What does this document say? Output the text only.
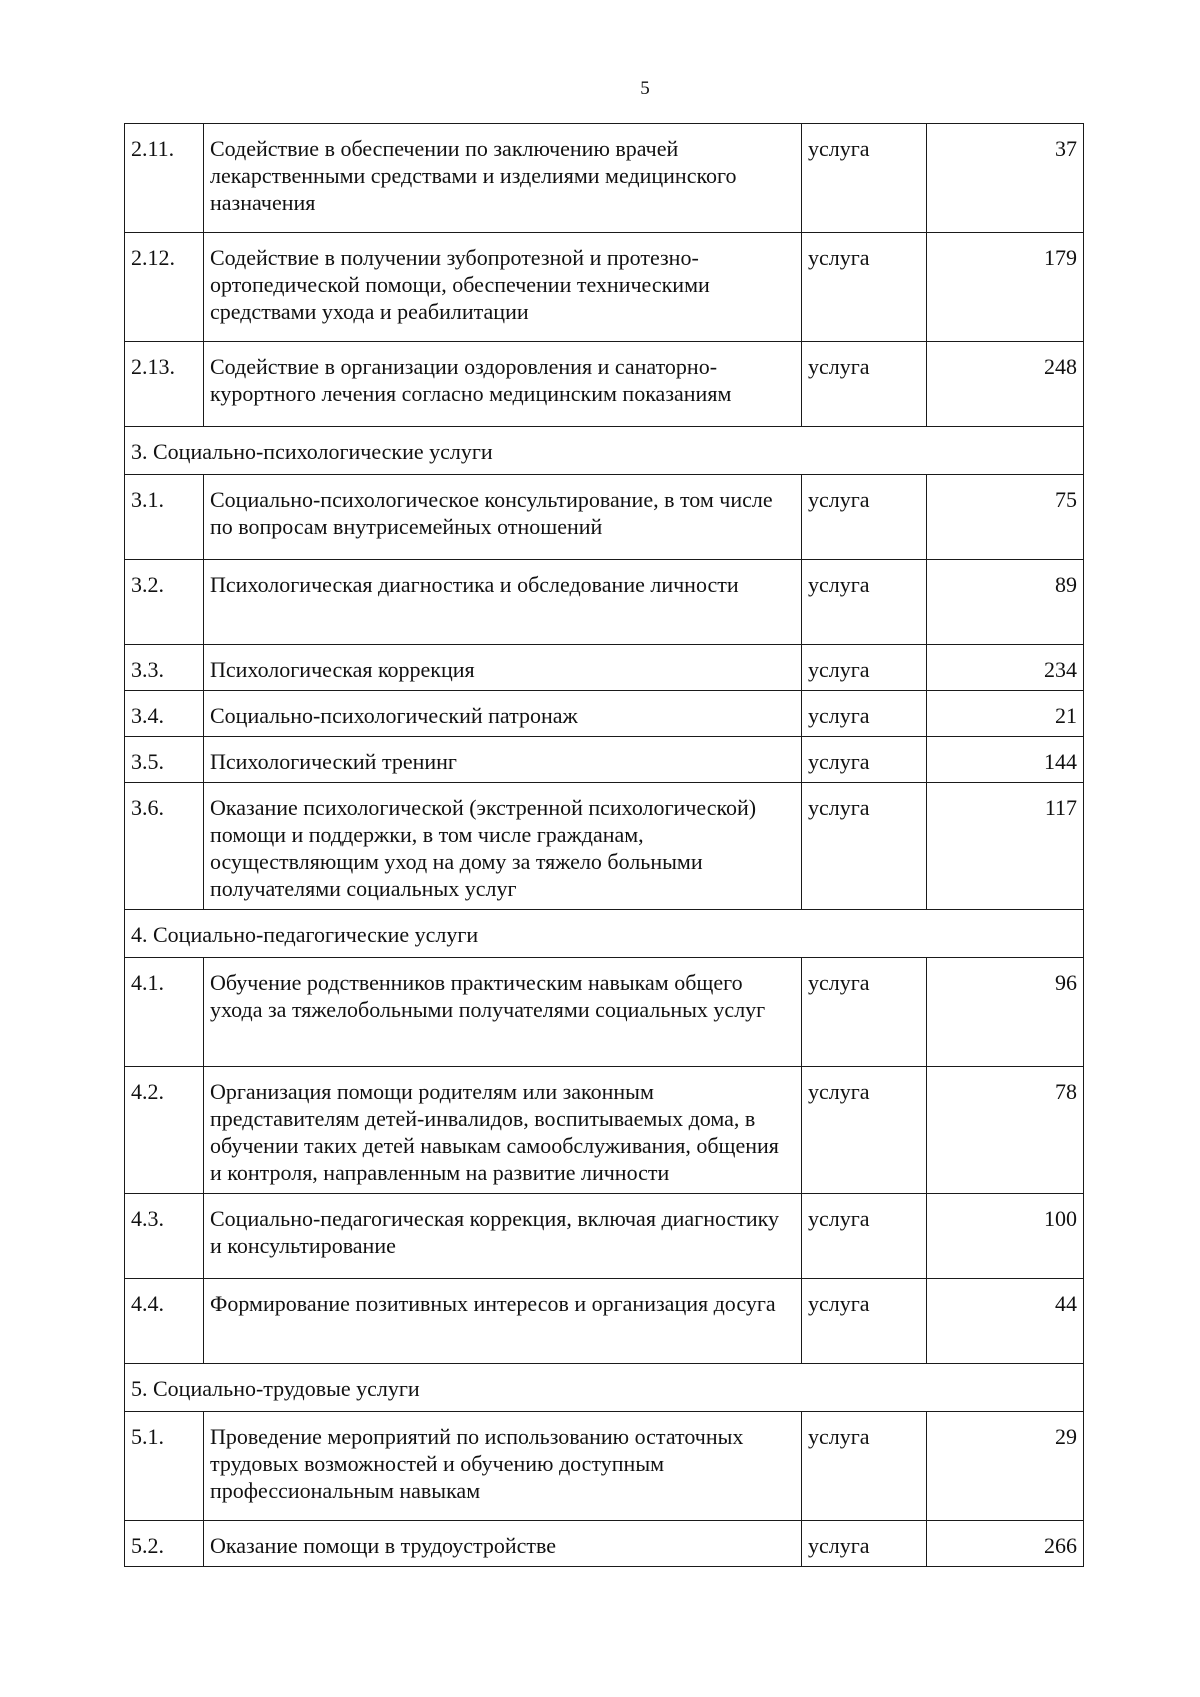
5
2.11.	Содействие в обеспечении по заключению врачей лекарственными средствами и изделиями медицинского назначения	услуга	37
2.12.	Содействие в получении зубопротезной и протезно-ортопедической помощи, обеспечении техническими средствами ухода и реабилитации	услуга	179
2.13.	Содействие в организации оздоровления и санаторно-курортного лечения согласно медицинским показаниям	услуга	248
3. Социально-психологические услуги			
3.1.	Социально-психологическое консультирование, в том числе по вопросам внутрисемейных отношений	услуга	75
3.2.	Психологическая диагностика и обследование личности	услуга	89
3.3.	Психологическая коррекция	услуга	234
3.4.	Социально-психологический патронаж	услуга	21
3.5.	Психологический тренинг	услуга	144
3.6.	Оказание психологической (экстренной психологической) помощи и поддержки, в том числе гражданам, осуществляющим уход на дому за тяжело больными получателями социальных услуг	услуга	117
4. Социально-педагогические услуги			
4.1.	Обучение родственников практическим навыкам общего ухода за тяжелобольными получателями социальных услуг	услуга	96
4.2.	Организация помощи родителям или законным представителям детей-инвалидов, воспитываемых дома, в обучении таких детей навыкам самообслуживания, общения и контроля, направленным на развитие личности	услуга	78
4.3.	Социально-педагогическая коррекция, включая диагностику и консультирование	услуга	100
4.4.	Формирование позитивных интересов и организация досуга	услуга	44
5. Социально-трудовые услуги			
5.1.	Проведение мероприятий по использованию остаточных трудовых возможностей и обучению доступным профессиональным навыкам	услуга	29
5.2.	Оказание помощи в трудоустройстве	услуга	266
